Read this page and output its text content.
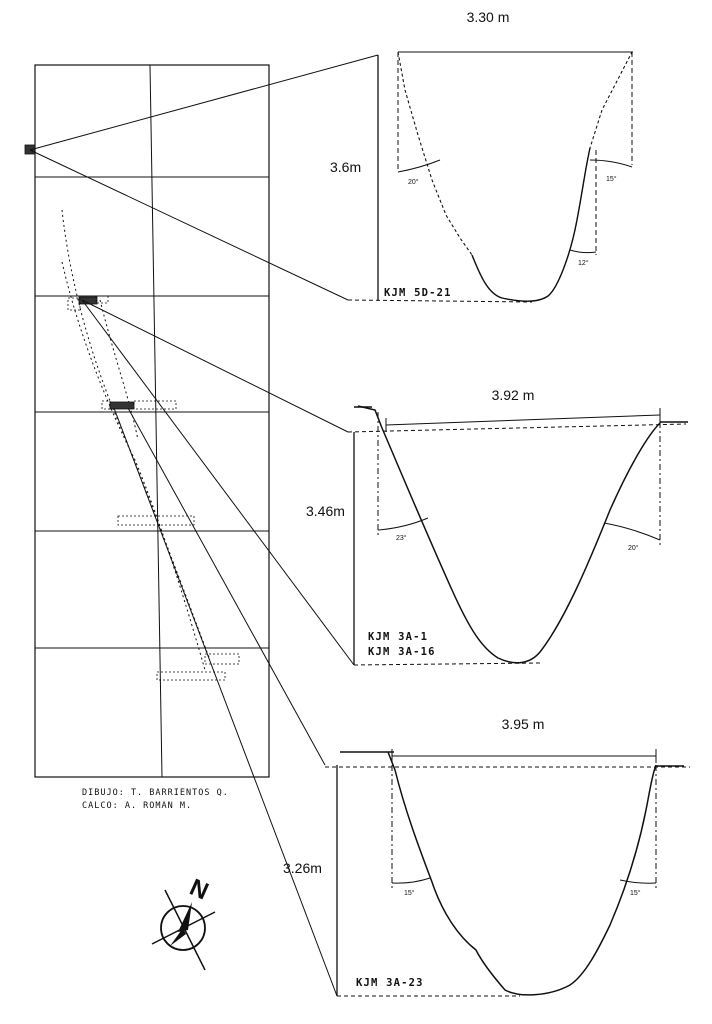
3.30 m
3.6m
20°	15°
12°
KJM 5D-21
3.92 m
3.46m
23°
20°
KJM 3A-1
KJM 3A-16
3.95 m
3.26m
15°	15°
KJM 3A-23
DIBUJO: T. BARRIENTOS Q.
CALCO: A. ROMAN M.
N
